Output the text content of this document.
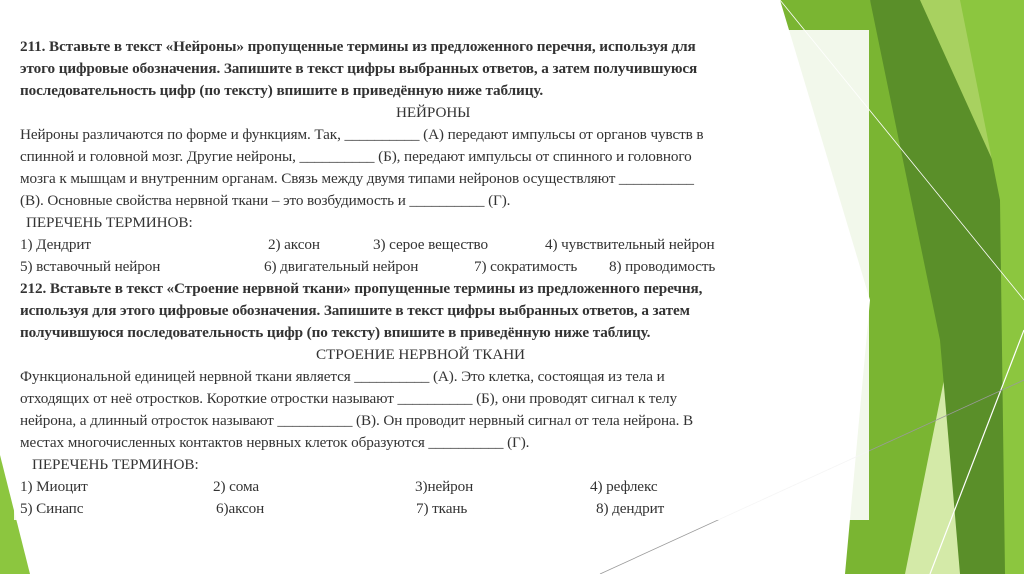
211. Вставьте в текст «Нейроны» пропущенные термины из предложенного перечня, используя для
этого цифровые обозначения. Запишите в текст цифры выбранных ответов, а затем получившуюся
последовательность цифр (по тексту) впишите в приведённую ниже таблицу.
НЕЙРОНЫ
Нейроны различаются по форме и функциям. Так, __________ (А) передают импульсы от органов чувств в
спинной и головной мозг. Другие нейроны, __________ (Б), передают импульсы от спинного и головного
мозга к мышцам и внутренним органам. Связь между двумя типами нейронов осуществляют __________
(В). Основные свойства нервной ткани – это возбудимость и __________ (Г).
ПЕРЕЧЕНЬ ТЕРМИНОВ:
1) Дендрит	2) аксон	3) серое вещество	4) чувствительный нейрон
5) вставочный нейрон	6) двигательный нейрон	7) сократимость	8) проводимость
212. Вставьте в текст «Строение нервной ткани» пропущенные термины из предложенного перечня,
используя для этого цифровые обозначения. Запишите в текст цифры выбранных ответов, а затем
получившуюся последовательность цифр (по тексту) впишите в приведённую ниже таблицу.
СТРОЕНИЕ НЕРВНОЙ ТКАНИ
Функциональной единицей нервной ткани является __________ (А). Это клетка, состоящая из тела и
отходящих от неё отростков. Короткие отростки называют __________ (Б), они проводят сигнал к телу
нейрона, а длинный отросток называют __________ (В). Он проводит нервный сигнал от тела нейрона. В
местах многочисленных контактов нервных клеток образуются __________ (Г).
ПЕРЕЧЕНЬ ТЕРМИНОВ:
1) Миоцит	2) сома	3)нейрон	4) рефлекс
5) Синапс	6)аксон	7) ткань	8) дендрит
